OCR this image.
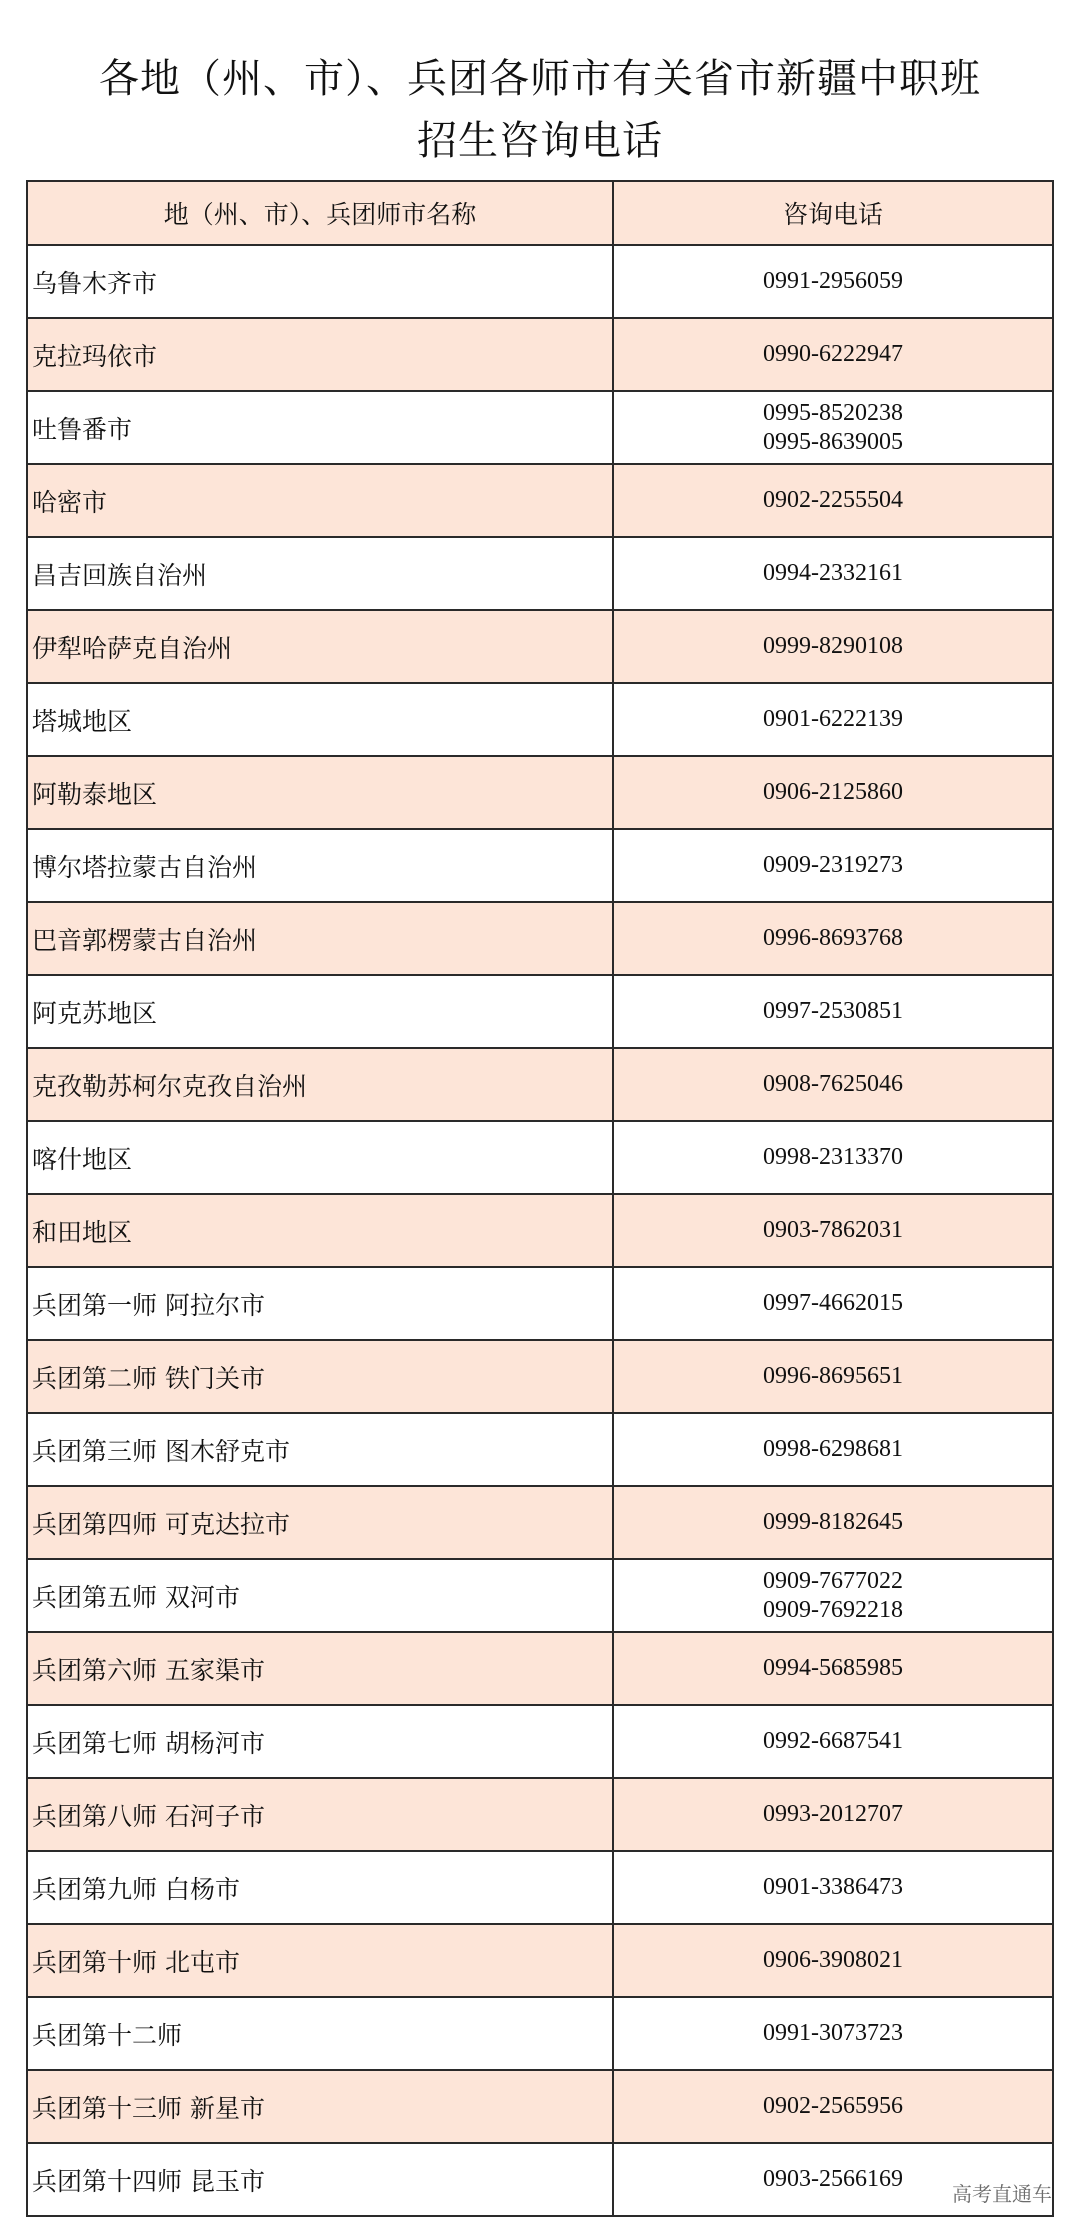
各地（州、市）、兵团各师市有关省市新疆中职班
招生咨询电话
地（州、市）、兵团师市名称	咨询电话
乌鲁木齐市	0991-2956059

克拉玛依市	0990-6222947

吐鲁番市	0995-8520238
0995-8639005

哈密市	0902-2255504

昌吉回族自治州	0994-2332161

伊犁哈萨克自治州	0999-8290108

塔城地区	0901-6222139

阿勒泰地区	0906-2125860

博尔塔拉蒙古自治州	0909-2319273

巴音郭楞蒙古自治州	0996-8693768

阿克苏地区	0997-2530851

克孜勒苏柯尔克孜自治州	0908-7625046

喀什地区	0998-2313370

和田地区	0903-7862031

兵团第一师 阿拉尔市	0997-4662015

兵团第二师 铁门关市	0996-8695651

兵团第三师 图木舒克市	0998-6298681

兵团第四师 可克达拉市	0999-8182645

兵团第五师 双河市	0909-7677022
0909-7692218

兵团第六师 五家渠市	0994-5685985

兵团第七师 胡杨河市	0992-6687541

兵团第八师 石河子市	0993-2012707

兵团第九师 白杨市	0901-3386473

兵团第十师 北屯市	0906-3908021

兵团第十二师	0991-3073723

兵团第十三师 新星市	0902-2565956

兵团第十四师 昆玉市	0903-2566169
高考直通车
